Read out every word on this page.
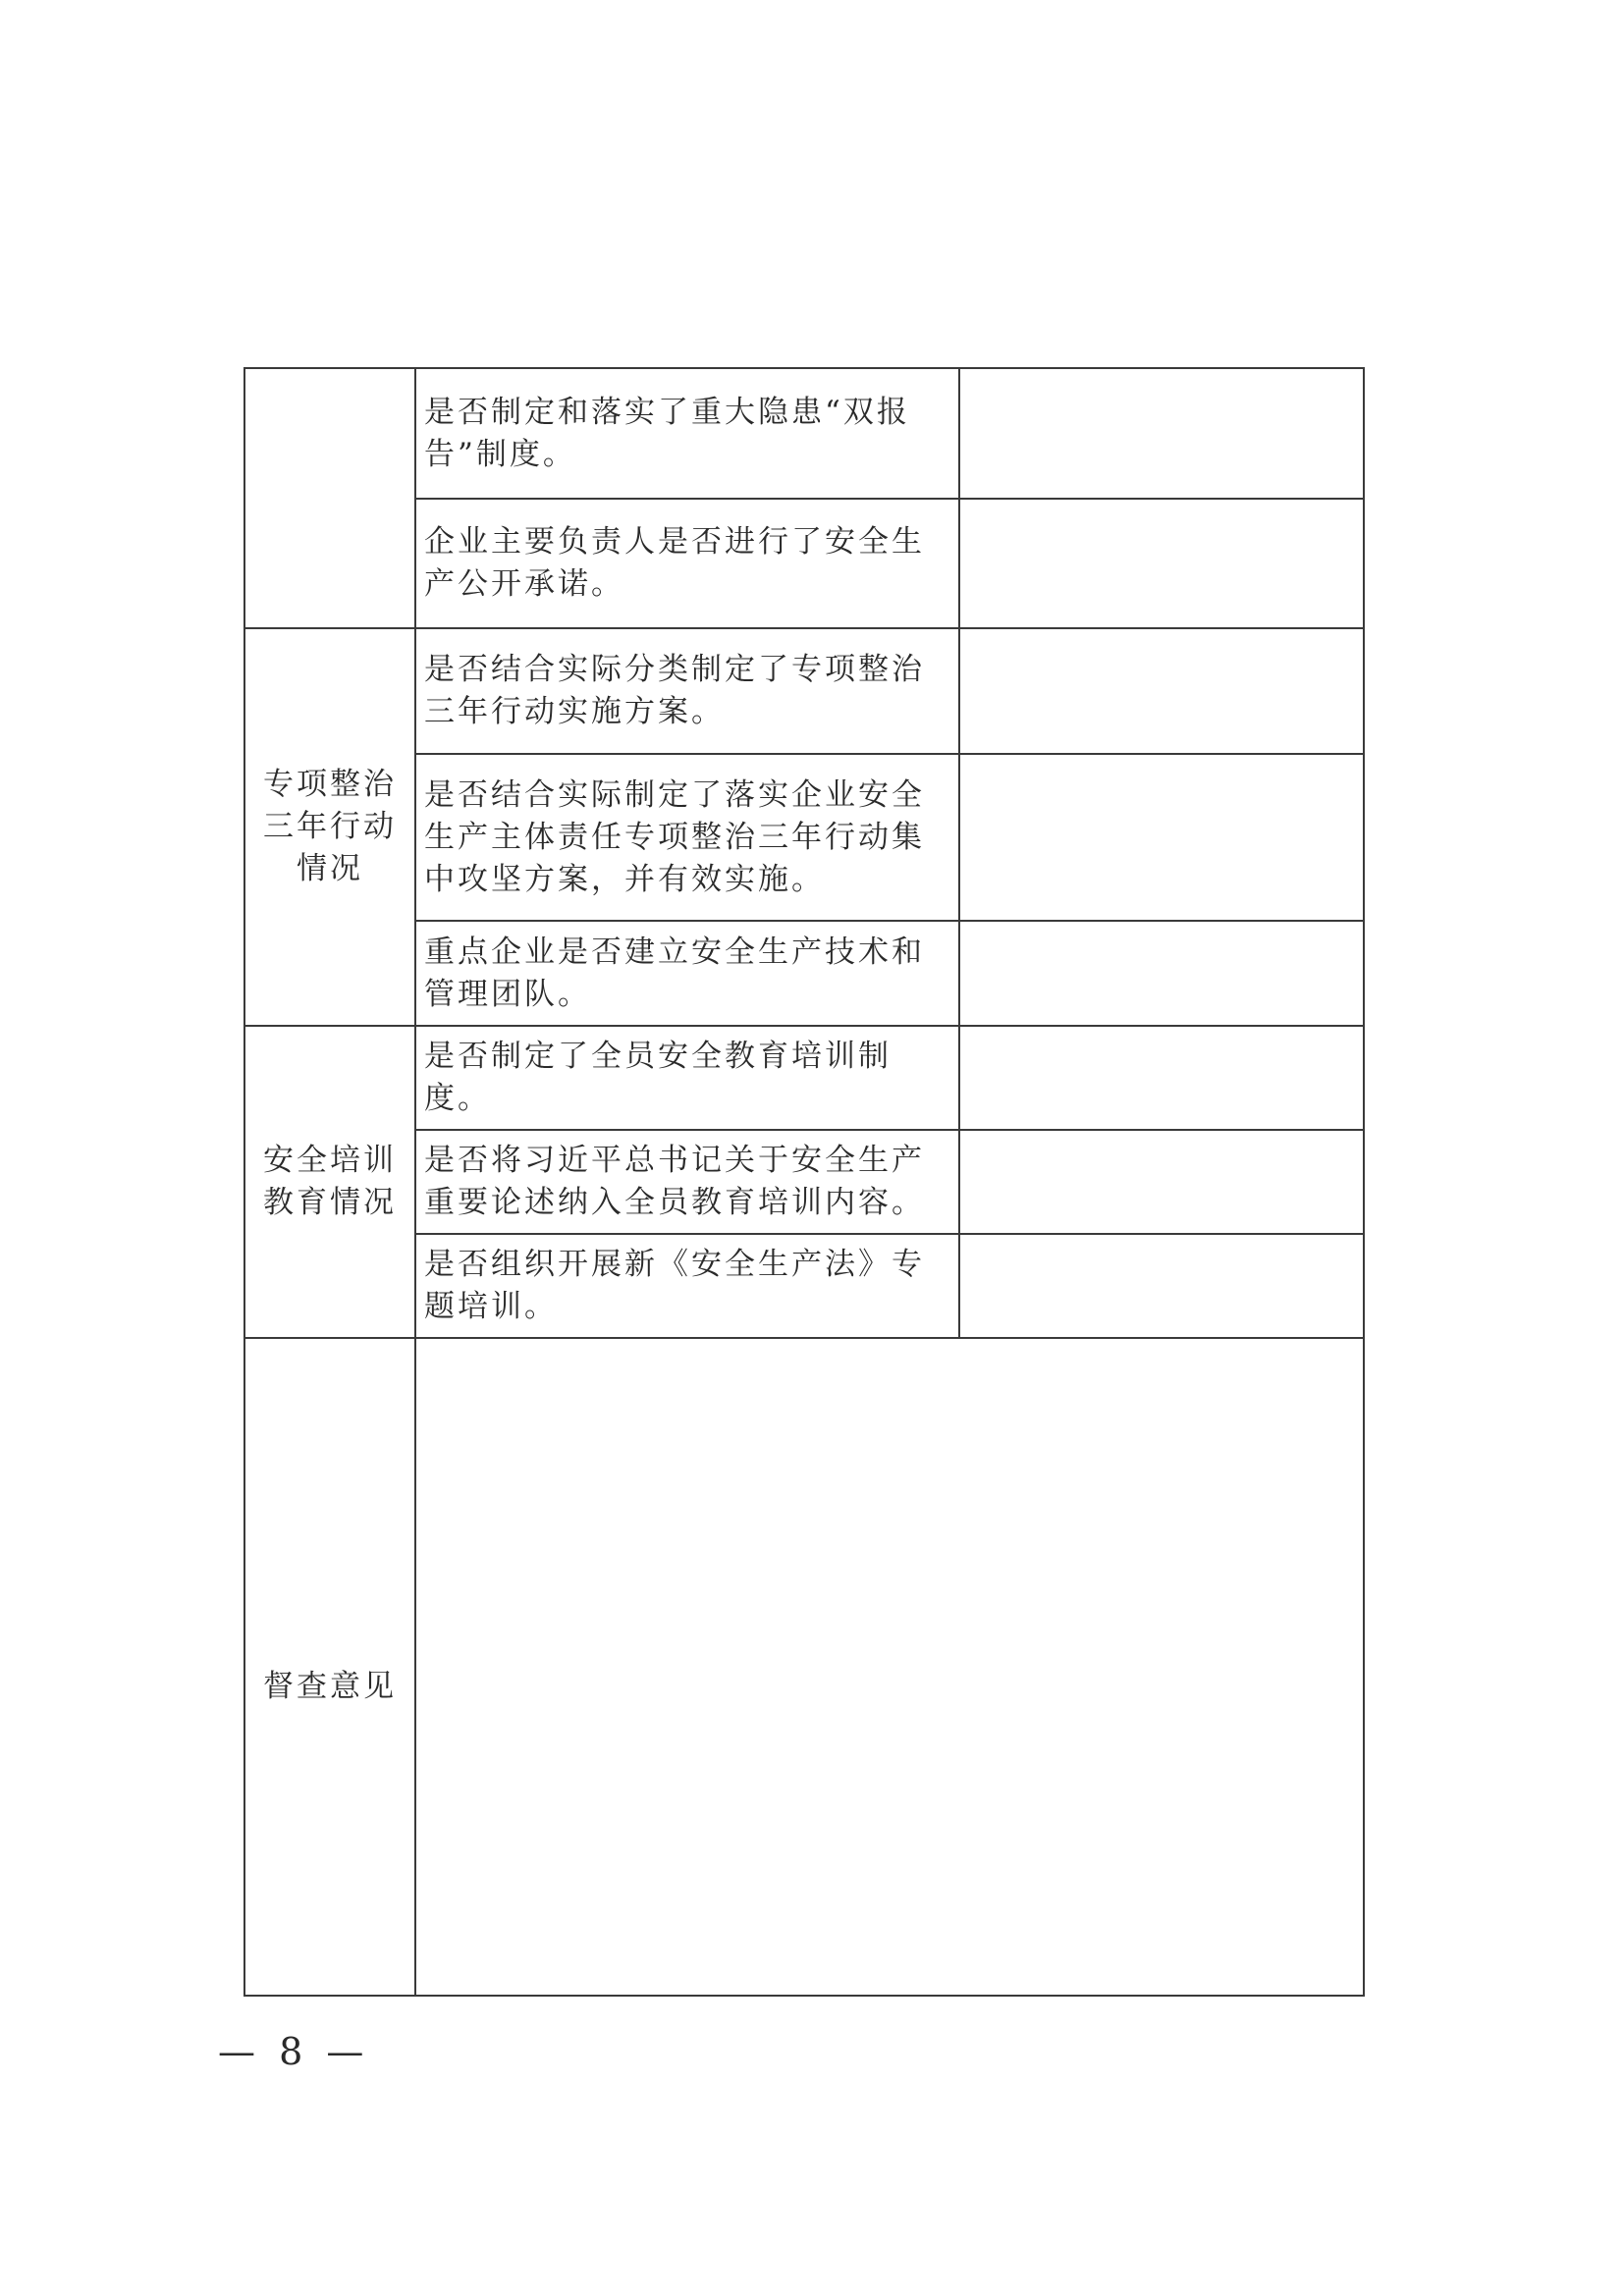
	是否制定和落实了重大隐患“双报告”制度。	
	企业主要负责人是否进行了安全生产公开承诺。	
专项整治三年行动情况	是否结合实际分类制定了专项整治三年行动实施方案。	
	是否结合实际制定了落实企业安全生产主体责任专项整治三年行动集中攻坚方案，并有效实施。	
	重点企业是否建立安全生产技术和管理团队。	
安全培训教育情况	是否制定了全员安全教育培训制度。	
	是否将习近平总书记关于安全生产重要论述纳入全员教育培训内容。	
	是否组织开展新《安全生产法》专题培训。	
督查意见		
— 8 —
